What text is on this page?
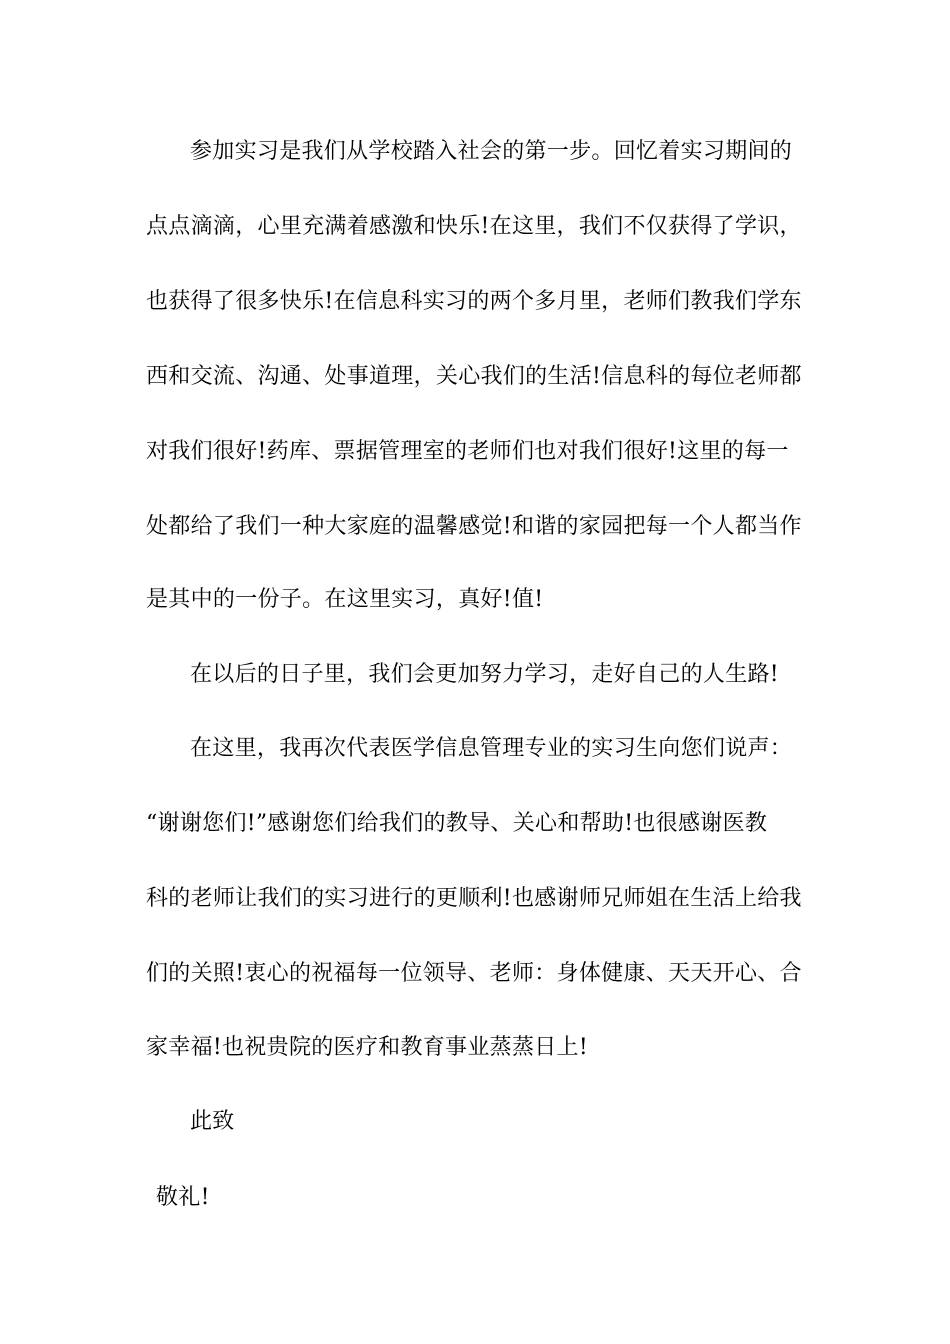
参加实习是我们从学校踏入社会的第一步。回忆着实习期间的
点点滴滴，心里充满着感激和快乐!在这里，我们不仅获得了学识，
也获得了很多快乐!在信息科实习的两个多月里，老师们教我们学东
西和交流、沟通、处事道理，关心我们的生活!信息科的每位老师都
对我们很好!药库、票据管理室的老师们也对我们很好!这里的每一
处都给了我们一种大家庭的温馨感觉!和谐的家园把每一个人都当作
是其中的一份子。在这里实习，真好!值!
在以后的日子里，我们会更加努力学习，走好自己的人生路!
在这里，我再次代表医学信息管理专业的实习生向您们说声：
“谢谢您们!”感谢您们给我们的教导、关心和帮助!也很感谢医教
科的老师让我们的实习进行的更顺利!也感谢师兄师姐在生活上给我
们的关照!衷心的祝福每一位领导、老师：身体健康、天天开心、合
家幸福!也祝贵院的医疗和教育事业蒸蒸日上!
此致
敬礼!
